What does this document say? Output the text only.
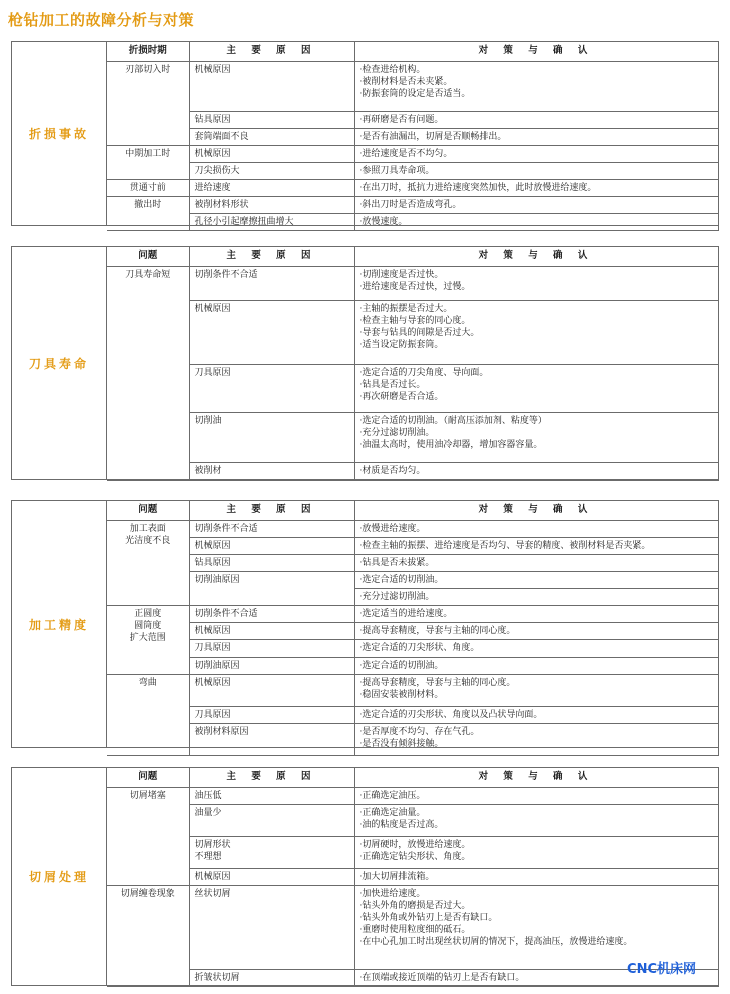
枪钻加工的故障分析与对策
折损事故
折损时期	主 要 原 因	对 策 与 确 认
刃部切入时	机械原因	·检查进给机构。
·被削材料是否未夹紧。
·防振套筒的设定是否适当。

	钻具原因	·再研磨是否有问题。

	套筒端面不良	·是否有油漏出，切屑是否顺畅排出。

中期加工时	机械原因	·进给速度是否不均匀。

	刀尖损伤大	·参照刀具寿命项。

贯通寸前	进给速度	·在出刀时，抵抗力进给速度突然加快，此时放慢进给速度。

撤出时	被削材料形状	·斜出刀时是否造成弯孔。

	孔径小引起摩擦扭曲增大	·放慢速度。
刀具寿命
问题	主 要 原 因	对 策 与 确 认
刀具寿命短	切削条件不合适	·切削速度是否过快。
·进给速度是否过快，过慢。

	机械原因	·主轴的振摆是否过大。
·检查主轴与导套的同心度。
·导套与钻具的间隙是否过大。
·适当设定防振套筒。

	刀具原因	·选定合适的刀尖角度、导向面。
·钻具是否过长。
·再次研磨是否合适。

	切削油	·选定合适的切削油。（耐高压添加剂、粘度等）
·充分过滤切削油。
·油温太高时，使用油冷却器，增加容器容量。

	被削材	·材质是否均匀。
加工精度
问题	主 要 原 因	对 策 与 确 认
加工表面
光洁度不良	切削条件不合适	·放慢进给速度。

	机械原因	·检查主轴的振摆、进给速度是否均匀、导套的精度、被削材料是否夹紧。

	钻具原因	·钻具是否未拔紧。

	切削油原因	·选定合适的切削油。

		·充分过滤切削油。

正圆度
圆筒度
扩大范围	切削条件不合适	·选定适当的进给速度。

	机械原因	·提高导套精度，导套与主轴的同心度。

	刀具原因	·选定合适的刀尖形状、角度。

	切削油原因	·选定合适的切削油。

弯曲	机械原因	·提高导套精度，导套与主轴的同心度。
·稳固安装被削材料。

	刀具原因	·选定合适的刃尖形状、角度以及凸状导向面。

	被削材料原因	·是否厚度不均匀、存在气孔。
·是否没有倾斜接触。
切屑处理
问题	主 要 原 因	对 策 与 确 认
切屑堵塞	油压低	·正确选定油压。

	油量少	·正确选定油量。
·油的粘度是否过高。

	切屑形状
不理想	·切屑硬时，放慢进给速度。
·正确选定钻尖形状、角度。

	机械原因	·加大切屑排流箱。

切屑缠卷现象	丝状切屑	·加快进给速度。
·钻头外角的磨损是否过大。
·钻头外角或外钻刃上是否有缺口。
·重磨时使用粒度细的砥石。
·在中心孔加工时出现丝状切屑的情况下，提高油压，放慢进给速度。

	折皱状切屑	·在顶端或接近顶端的钻刃上是否有缺口。
CNC机床网
